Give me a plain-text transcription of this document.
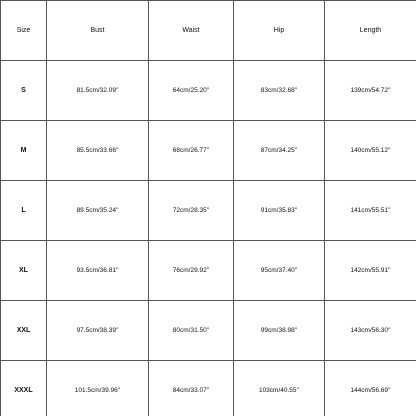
Size	Bust	Waist	Hip	Length
S	81.5cm/32.09''	64cm/25.20''	83cm/32.68''	139cm/54.72''
M	85.5cm/33.66''	68cm/26.77''	87cm/34.25''	140cm/55.12''
L	89.5cm/35.24''	72cm/28.35''	91cm/35.83''	141cm/55.51''
XL	93.5cm/36.81''	76cm/29.92''	95cm/37.40''	142cm/55.91''
XXL	97.5cm/38.39''	80cm/31.50''	99cm/38.98''	143cm/56.30''
XXXL	101.5cm/39.96''	84cm/33.07''	103cm/40.55''	144cm/56.69''
